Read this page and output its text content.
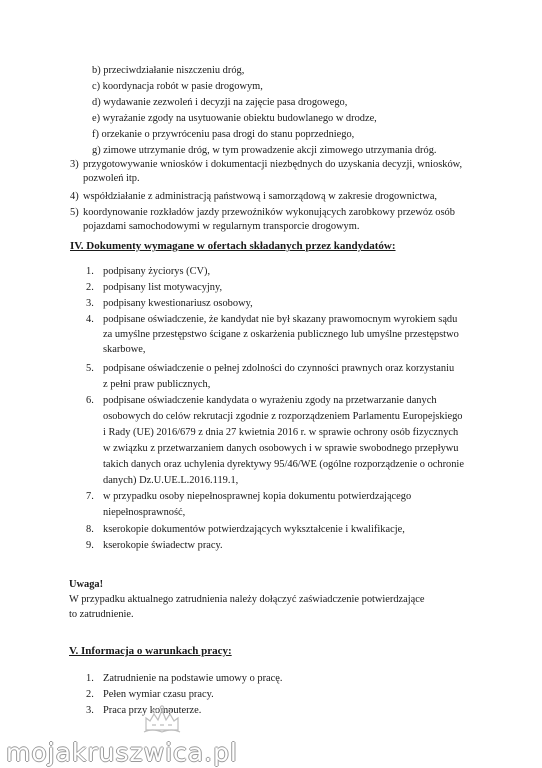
b) przeciwdziałanie niszczeniu dróg,
c) koordynacja robót w pasie drogowym,
d) wydawanie zezwoleń i decyzji na zajęcie pasa drogowego,
e) wyrażanie zgody na usytuowanie obiektu budowlanego w drodze,
f) orzekanie o przywróceniu pasa drogi do stanu poprzedniego,
g) zimowe utrzymanie dróg, w tym prowadzenie akcji zimowego utrzymania dróg.
3) przygotowywanie wniosków i dokumentacji niezbędnych do uzyskania decyzji, wniosków,
pozwoleń itp.
4) współdziałanie z administracją państwową i samorządową w zakresie drogownictwa,
5) koordynowanie rozkładów jazdy przewoźników wykonujących zarobkowy przewóz osób
pojazdami samochodowymi w regularnym transporcie drogowym.
IV. Dokumenty wymagane w ofertach składanych przez kandydatów:
1. podpisany życiorys (CV),
2. podpisany list motywacyjny,
3. podpisany kwestionariusz osobowy,
4. podpisane oświadczenie, że kandydat nie był skazany prawomocnym wyrokiem sądu
za umyślne przestępstwo ścigane z oskarżenia publicznego lub umyślne przestępstwo
skarbowe,
5. podpisane oświadczenie o pełnej zdolności do czynności prawnych oraz korzystaniu
z pełni praw publicznych,
6. podpisane oświadczenie kandydata o wyrażeniu zgody na przetwarzanie danych
osobowych do celów rekrutacji zgodnie z rozporządzeniem Parlamentu Europejskiego
i Rady (UE) 2016/679 z dnia 27 kwietnia 2016 r. w sprawie ochrony osób fizycznych
w związku z przetwarzaniem danych osobowych i w sprawie swobodnego przepływu
takich danych oraz uchylenia dyrektywy 95/46/WE (ogólne rozporządzenie o ochronie
danych) Dz.U.UE.L.2016.119.1,
7. w przypadku osoby niepełnosprawnej kopia dokumentu potwierdzającego
niepełnosprawność,
8. kserokopie dokumentów potwierdzających wykształcenie i kwalifikacje,
9. kserokopie świadectw pracy.
Uwaga!
W przypadku aktualnego zatrudnienia należy dołączyć zaświadczenie potwierdzające
to zatrudnienie.
V. Informacja o warunkach pracy:
1. Zatrudnienie na podstawie umowy o pracę.
2. Pełen wymiar czasu pracy.
3. Praca przy komputerze.
mojakruszwica.pl
